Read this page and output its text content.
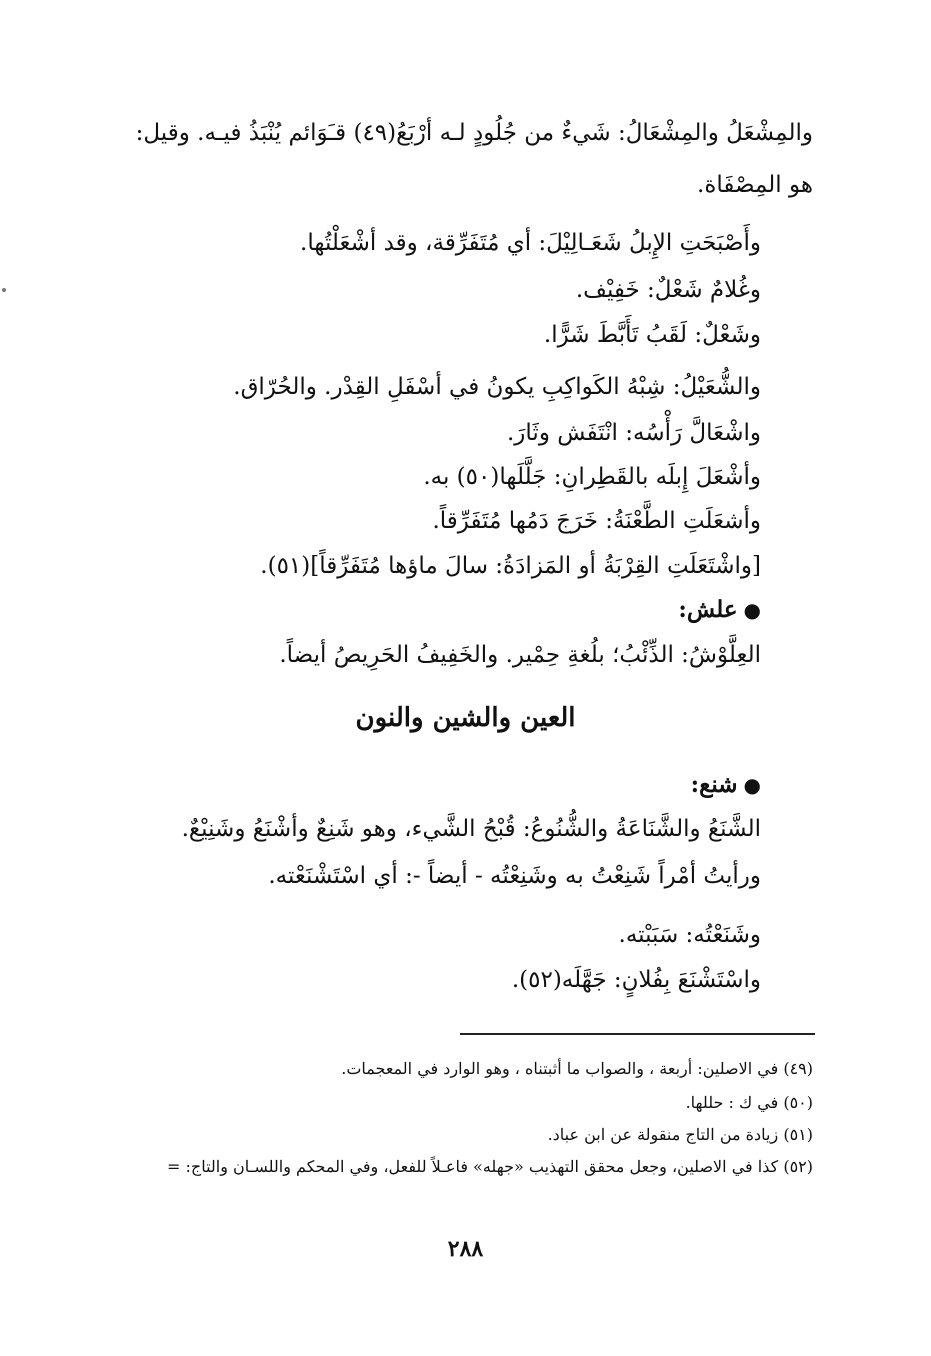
والمِشْعَلُ والمِشْعَالُ: شَيءٌ من جُلُودٍ لـه أرْبَعُ(٤٩) قـَوَائم يُنْبَذُ فيـه. وقيل:
هو المِصْفَاة.
وأَصْبَحَتِ الإِبلُ شَعَـالِيْلَ: أي مُتَفَرِّقة، وقد أشْعَلْتُها.
وغُلامٌ شَعْلٌ: خَفِيْف.
وشَعْلٌ: لَقَبُ تَأَبَّطَ شَرًّا.
والشُّعَيْلُ: شِبْهُ الكَواكِبِ يكونُ في أسْفَلِ القِدْر. والحُرّاق.
واشْعَالَّ رَأْسُه: انْتَفَش وثَارَ.
وأشْعَلَ إِبلَه بالقَطِرانِ: جَلَّلَها(٥٠) به.
وأشعَلَتِ الطَّعْنَةُ: خَرَجَ دَمُها مُتَفَرِّقاً.
[واشْتَعَلَتِ القِرْبَةُ أو المَزادَةُ: سالَ ماؤها مُتَفَرِّقاً](٥١).
●علش:
العِلَّوْشُ: الذِّئْبُ؛ بلُغةِ حِمْير. والخَفِيفُ الحَرِيصُ أيضاً.
العين والشين والنون
●شنع:
الشَّنَعُ والشَّنَاعَةُ والشُّنُوعُ: قُبْحُ الشَّيء، وهو شَنِعٌ وأشْنَعُ وشَنِيْعٌ.
ورأيتُ أمْراً شَنِعْتُ به وشَنِعْتُه - أيضاً -: أي اسْتَشْنَعْته.
وشَنَعْتُه: سَبَبْته.
واسْتَشْنَعَ بِفُلانٍ: جَهَّلَه(٥٢).
(٤٩) في الاصلين: أربعة ، والصواب ما أثبتناه ، وهو الوارد في المعجمات.
(٥٠) في ك : حللها.
(٥١) زيادة من التاج منقولة عن ابن عباد.
(٥٢) كذا في الاصلين، وجعل محقق التهذيب «جهله» فاعـلاً للفعل، وفي المحكم واللسـان والتاج: =
٢٨٨
